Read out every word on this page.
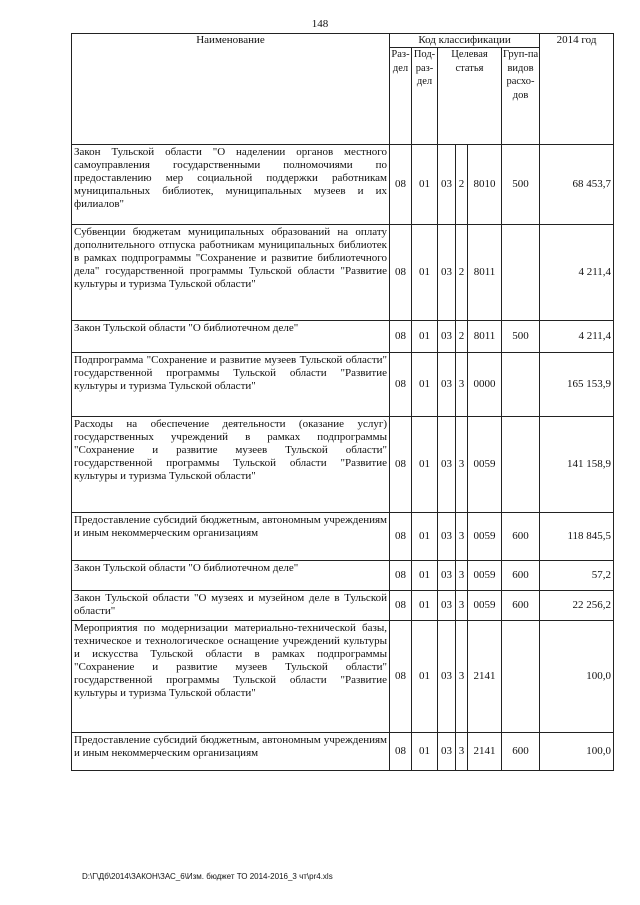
148
Наименование	Код классификации						2014 год
	Раз-дел	Под-раз-дел	Целевая статья			Груп-па видов расхо-дов	
Закон Тульской области "О наделении органов местного самоуправления государственными полномочиями по предоставлению мер социальной поддержки работникам муниципальных библиотек, муниципальных музеев и их филиалов"	08	01	03	2	8010	500	68 453,7
Субвенции бюджетам муниципальных образований на оплату дополнительного отпуска работникам муниципальных библиотек в рамках подпрограммы "Сохранение и развитие библиотечного дела" государственной программы Тульской области "Развитие культуры и туризма Тульской области"	08	01	03	2	8011		4 211,4
Закон Тульской области "О библиотечном деле"	08	01	03	2	8011	500	4 211,4
Подпрограмма "Сохранение и развитие музеев Тульской области" государственной программы Тульской области "Развитие культуры и туризма Тульской области"	08	01	03	3	0000		165 153,9
Расходы на обеспечение деятельности (оказание услуг) государственных учреждений в рамках подпрограммы "Сохранение и развитие музеев Тульской области" государственной программы Тульской области "Развитие культуры и туризма Тульской области"	08	01	03	3	0059		141 158,9
Предоставление субсидий бюджетным, автономным учреждениям и иным некоммерческим организациям	08	01	03	3	0059	600	118 845,5
Закон Тульской области "О библиотечном деле"	08	01	03	3	0059	600	57,2
Закон Тульской области "О музеях и музейном деле в Тульской области"	08	01	03	3	0059	600	22 256,2
Мероприятия по модернизации материально-технической базы, техническое и технологическое оснащение учреждений культуры и искусства Тульской области в рамках подпрограммы "Сохранение и развитие музеев Тульской области" государственной программы Тульской области "Развитие культуры и туризма Тульской области"	08	01	03	3	2141		100,0
Предоставление субсидий бюджетным, автономным учреждениям и иным некоммерческим организациям	08	01	03	3	2141	600	100,0
D:\Г\Дб\2014\ЗАКОН\ЗАС_6\Изм. бюджет ТО 2014-2016_3 чт\pr4.xls
